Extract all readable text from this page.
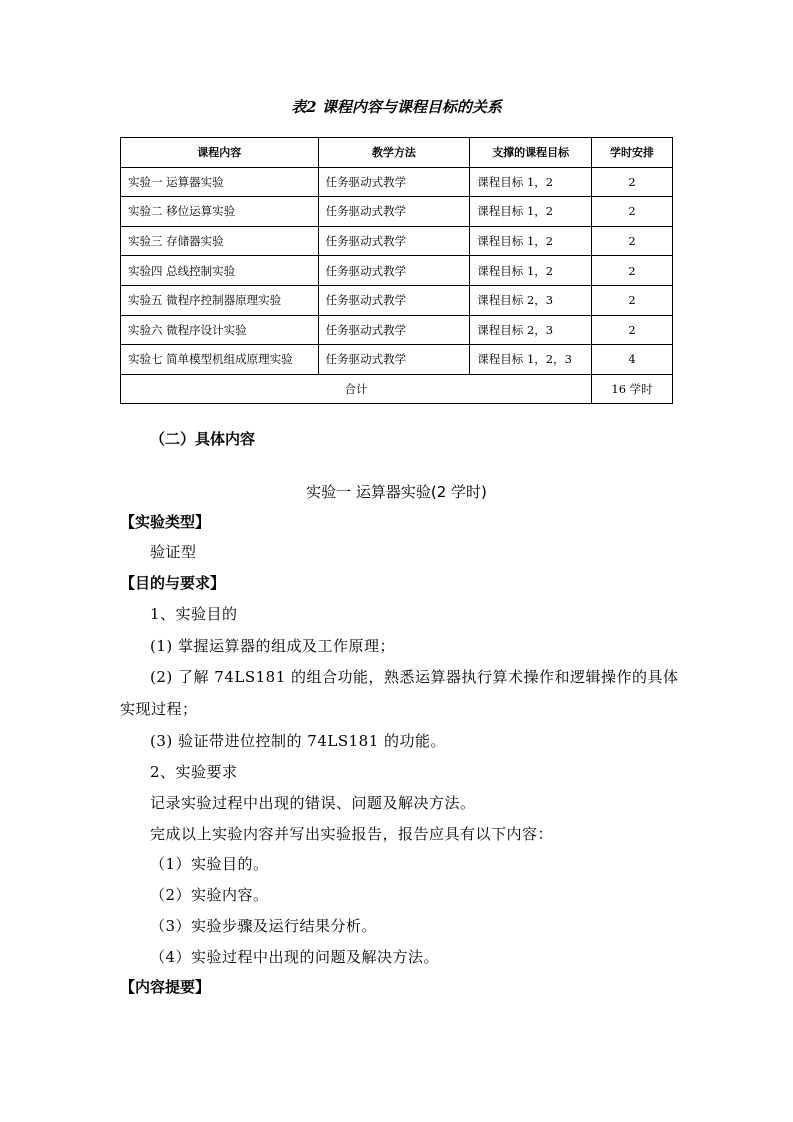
表2 课程内容与课程目标的关系
课程内容	教学方法	支撑的课程目标	学时安排
实验一 运算器实验	任务驱动式教学	课程目标 1，2	2
实验二 移位运算实验	任务驱动式教学	课程目标 1，2	2
实验三 存储器实验	任务驱动式教学	课程目标 1，2	2
实验四 总线控制实验	任务驱动式教学	课程目标 1，2	2
实验五 微程序控制器原理实验	任务驱动式教学	课程目标 2，3	2
实验六 微程序设计实验	任务驱动式教学	课程目标 2，3	2
实验七 简单模型机组成原理实验	任务驱动式教学	课程目标 1，2，3	4
合计			16 学时
（二）具体内容
实验一 运算器实验(2 学时)
【实验类型】
验证型
【目的与要求】
1、实验目的
(1) 掌握运算器的组成及工作原理；
(2) 了解 74LS181 的组合功能，熟悉运算器执行算术操作和逻辑操作的具体
实现过程；
(3) 验证带进位控制的 74LS181 的功能。
2、实验要求
记录实验过程中出现的错误、问题及解决方法。
完成以上实验内容并写出实验报告，报告应具有以下内容：
（1）实验目的。
（2）实验内容。
（3）实验步骤及运行结果分析。
（4）实验过程中出现的问题及解决方法。
【内容提要】
